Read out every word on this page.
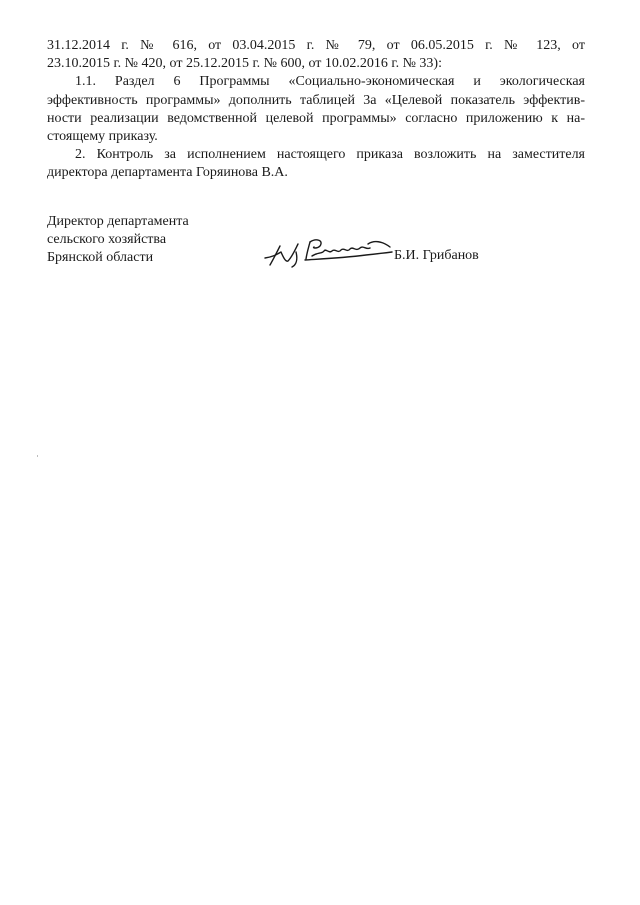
31.12.2014 г. № 616, от 03.04.2015 г. № 79, от 06.05.2015 г. № 123, от
23.10.2015 г. № 420, от 25.12.2015 г. № 600, от 10.02.2016 г. № 33):
1.1. Раздел 6 Программы «Социально-экономическая и экологическая
эффективность программы» дополнить таблицей 3а «Целевой показатель эффектив-
ности реализации ведомственной целевой программы» согласно приложению к на-
стоящему приказу.
2. Контроль за исполнением настоящего приказа возложить на заместителя
директора департамента Горяинова В.А.
Директор департамента
сельского хозяйства
Брянской области	Б.И. Грибанов
